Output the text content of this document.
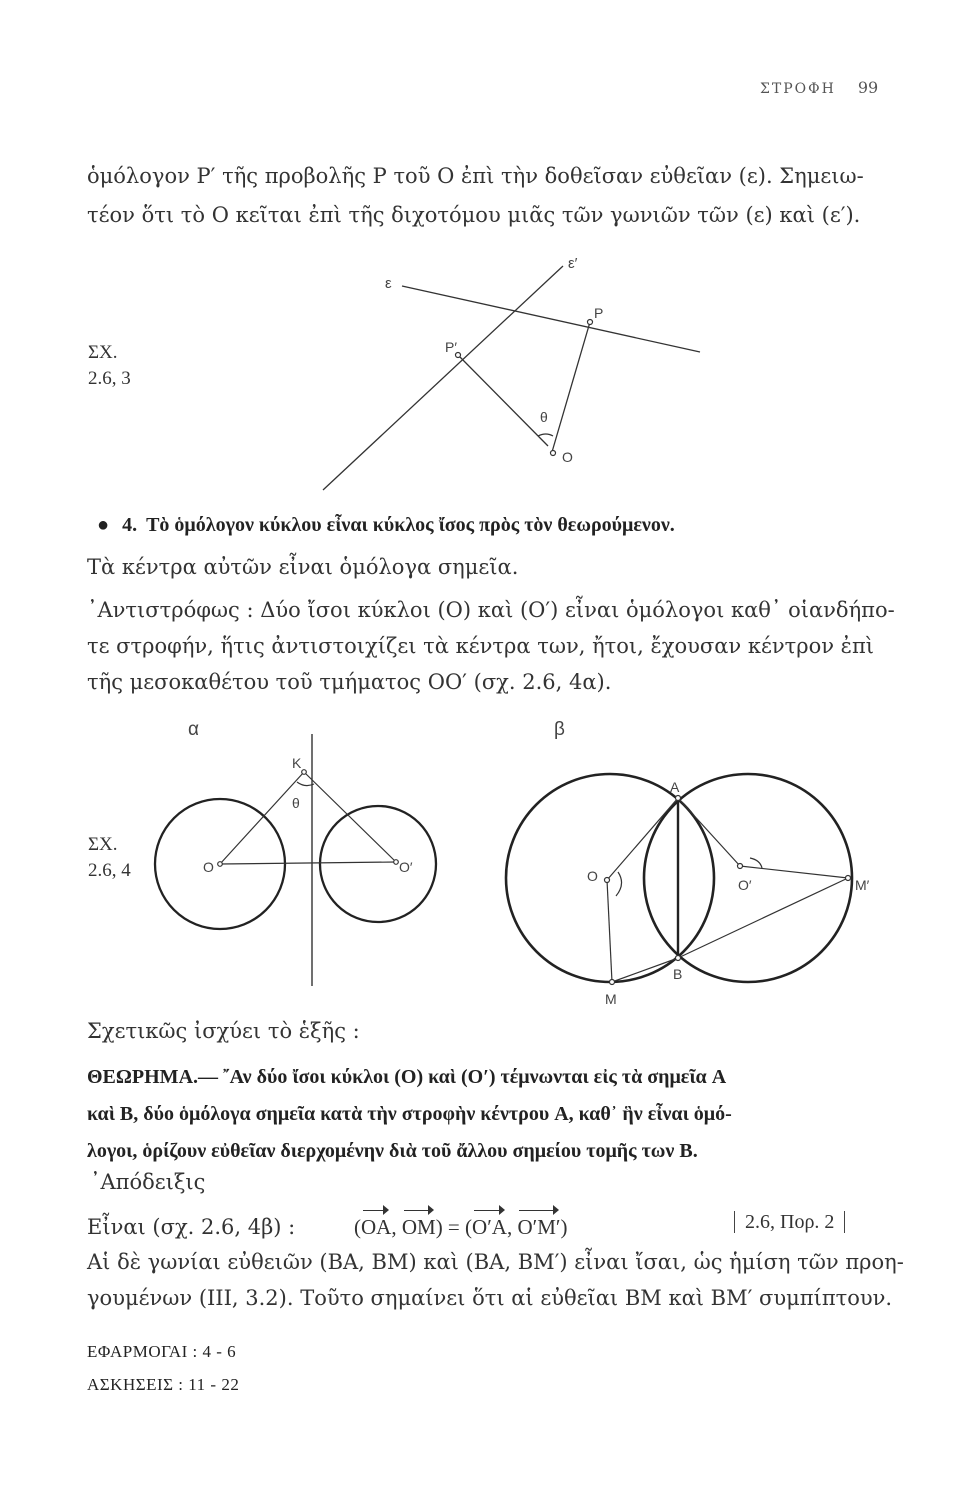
ΣΤΡΟΦΗ 99
ὁμόλογον P′ τῆς προβολῆς P τοῦ O ἐπὶ τὴν δοθεῖσαν εὐθεῖαν (ε). Σημειω-
τέον ὅτι τὸ O κεῖται ἐπὶ τῆς διχοτόμου μιᾶς τῶν γωνιῶν τῶν (ε) καὶ (ε′).
ΣΧ.
2.6, 3
ε
ε′
P
P′
θ
O
● 4. Τὸ ὁμόλογον κύκλου εἶναι κύκλος ἴσος πρὸς τὸν θεωρούμενον.
Τὰ κέντρα αὐτῶν εἶναι ὁμόλογα σημεῖα.
᾿Αντιστρόφως : Δύο ἴσοι κύκλοι (O) καὶ (O′) εἶναι ὁμόλογοι καθ᾿ οἱανδήπο-
τε στροφήν, ἥτις ἀντιστοιχίζει τὰ κέντρα των, ἤτοι, ἔχουσαν κέντρον ἐπὶ
τῆς μεσοκαθέτου τοῦ τμήματος OO′ (σχ. 2.6, 4α).
ΣΧ.
2.6, 4
α
K
θ
O	O′
β
A
B
O
O′
M
M′
Σχετικῶς ἰσχύει τὸ ἑξῆς :
ΘΕΩΡΗΜΑ.— ῎Αν δύο ἴσοι κύκλοι (O) καὶ (O′) τέμνωνται εἰς τὰ σημεῖα A
καὶ B, δύο ὁμόλογα σημεῖα κατὰ τὴν στροφὴν κέντρου A, καθ᾿ ἣν εἶναι ὁμό-
λογοι, ὁρίζουν εὐθεῖαν διερχομένην διὰ τοῦ ἄλλου σημείου τομῆς των B.
᾿Απόδειξις
Εἶναι (σχ. 2.6, 4β) :	(OA, OM) = (O′A, O′M′)	2.6, Πορ. 2
Αἱ δὲ γωνίαι εὐθειῶν (BA, BM) καὶ (BA, BM′) εἶναι ἴσαι, ὡς ἡμίση τῶν προη-
γουμένων (III, 3.2). Τοῦτο σημαίνει ὅτι αἱ εὐθεῖαι BM καὶ BM′ συμπίπτουν.
ΕΦΑΡΜΟΓΑΙ : 4 - 6
ΑΣΚΗΣΕΙΣ : 11 - 22
